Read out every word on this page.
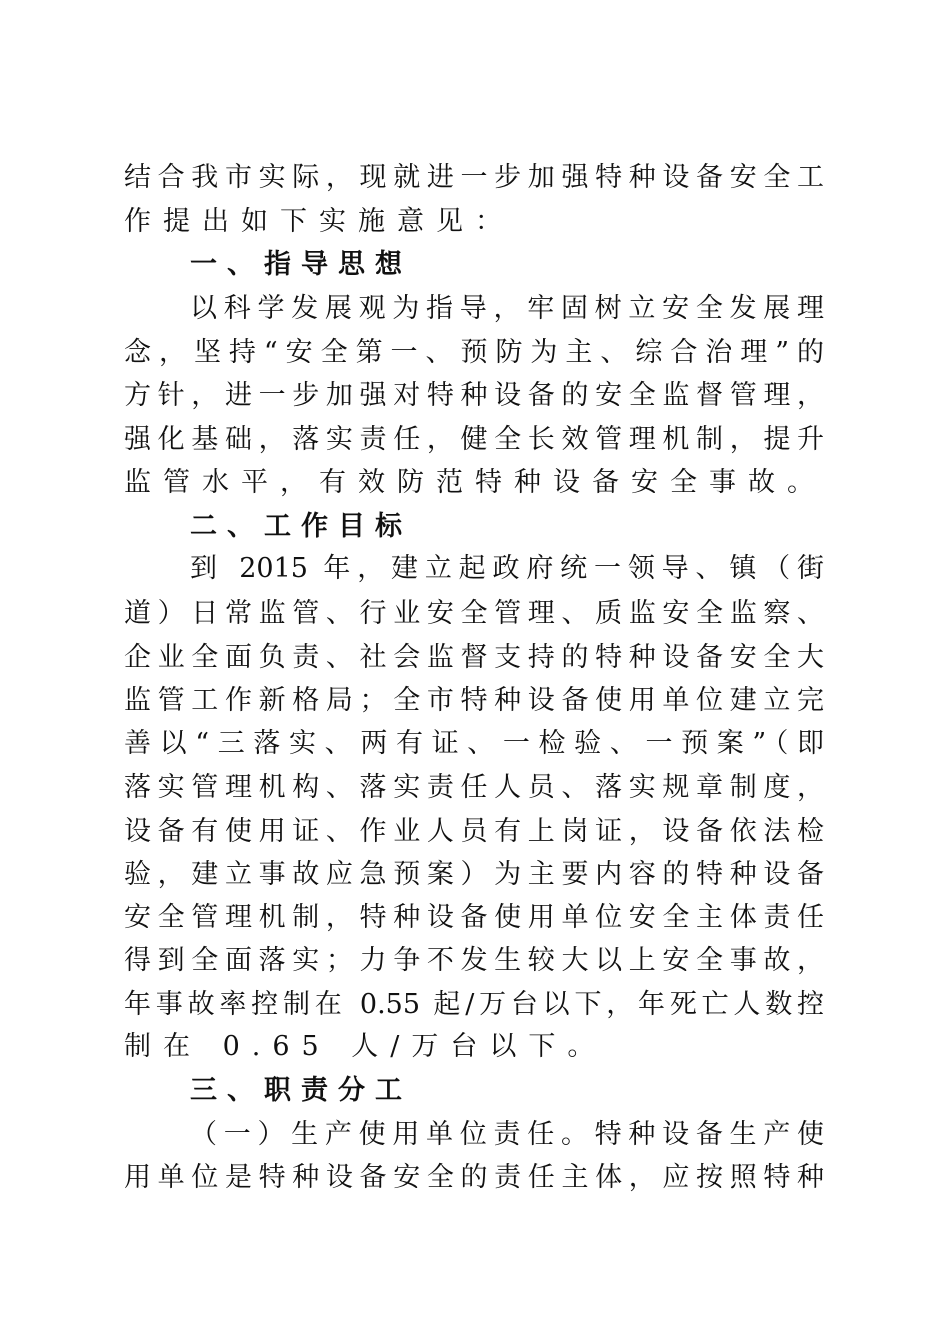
结合我市实际，现就进一步加强特种设备安全工
作提出如下实施意见：
一、指导思想
以科学发展观为指导，牢固树立安全发展理
念，坚持“安全第一、预防为主、综合治理”的
方针，进一步加强对特种设备的安全监督管理，
强化基础，落实责任，健全长效管理机制，提升
监管水平，有效防范特种设备安全事故。
二、工作目标
到 2015 年，建立起政府统一领导、镇（街
道）日常监管、行业安全管理、质监安全监察、
企业全面负责、社会监督支持的特种设备安全大
监管工作新格局；全市特种设备使用单位建立完
善以“三落实、两有证、一检验、一预案”（即
落实管理机构、落实责任人员、落实规章制度，
设备有使用证、作业人员有上岗证，设备依法检
验，建立事故应急预案）为主要内容的特种设备
安全管理机制，特种设备使用单位安全主体责任
得到全面落实；力争不发生较大以上安全事故，
年事故率控制在 0.55 起/万台以下，年死亡人数控
制在 0.65 人/万台以下。
三、职责分工
（一）生产使用单位责任。特种设备生产使
用单位是特种设备安全的责任主体，应按照特种
